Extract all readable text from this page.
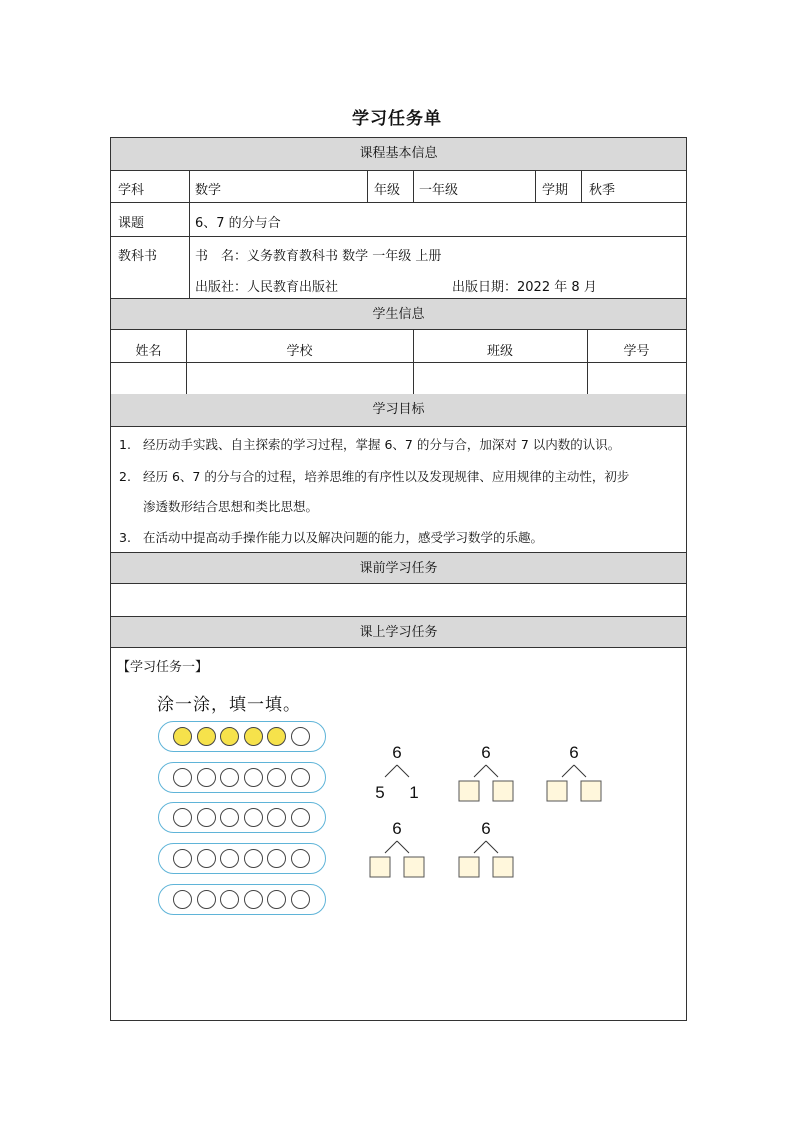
学习任务单
课程基本信息
学科	数学	年级 一年级	学期 秋季
课题	6、7 的分与合
教科书	书　名：义务教育教科书 数学 一年级 上册
出版社：人民教育出版社	出版日期：2022 年 8 月
学生信息
姓名	学校	班级	学号
学习目标
1. 经历动手实践、自主探索的学习过程，掌握 6、7 的分与合，加深对 7 以内数的认识。
2. 经历 6、7 的分与合的过程，培养思维的有序性以及发现规律、应用规律的主动性，初步
渗透数形结合思想和类比思想。
3. 在活动中提高动手操作能力以及解决问题的能力，感受学习数学的乐趣。
课前学习任务
课上学习任务
【学习任务一】
涂一涂，填一填。
6
5 1
6	6
6	6
